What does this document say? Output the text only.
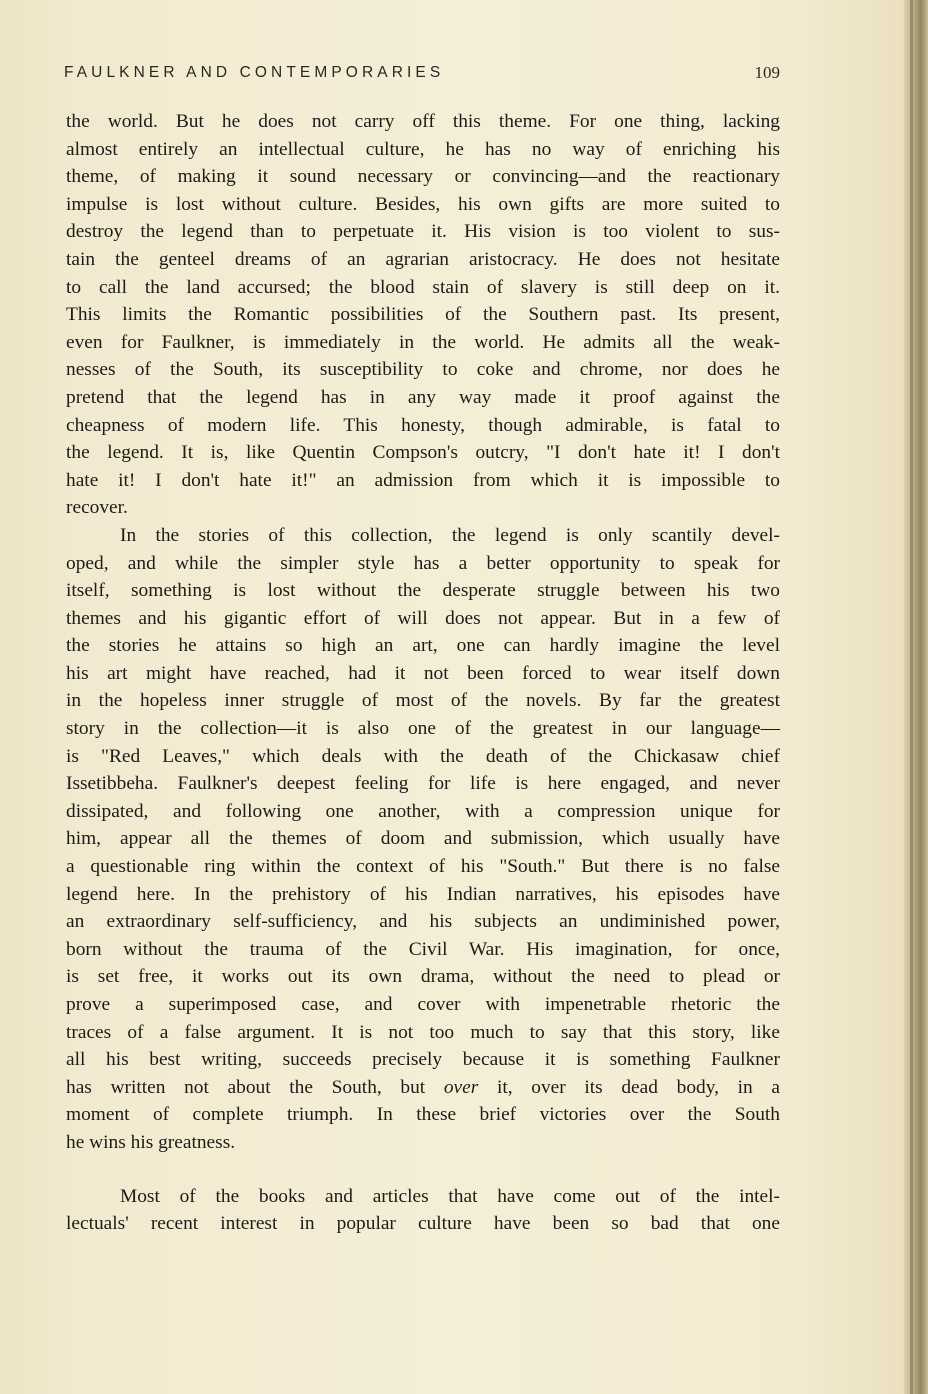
FAULKNER AND CONTEMPORARIES	109
the world. But he does not carry off this theme. For one thing, lacking
almost entirely an intellectual culture, he has no way of enriching his
theme, of making it sound necessary or convincing—and the reactionary
impulse is lost without culture. Besides, his own gifts are more suited to
destroy the legend than to perpetuate it. His vision is too violent to sus-
tain the genteel dreams of an agrarian aristocracy. He does not hesitate
to call the land accursed; the blood stain of slavery is still deep on it.
This limits the Romantic possibilities of the Southern past. Its present,
even for Faulkner, is immediately in the world. He admits all the weak-
nesses of the South, its susceptibility to coke and chrome, nor does he
pretend that the legend has in any way made it proof against the
cheapness of modern life. This honesty, though admirable, is fatal to
the legend. It is, like Quentin Compson's outcry, "I don't hate it! I don't
hate it! I don't hate it!" an admission from which it is impossible to
recover.
In the stories of this collection, the legend is only scantily devel-
oped, and while the simpler style has a better opportunity to speak for
itself, something is lost without the desperate struggle between his two
themes and his gigantic effort of will does not appear. But in a few of
the stories he attains so high an art, one can hardly imagine the level
his art might have reached, had it not been forced to wear itself down
in the hopeless inner struggle of most of the novels. By far the greatest
story in the collection—it is also one of the greatest in our language—
is "Red Leaves," which deals with the death of the Chickasaw chief
Issetibbeha. Faulkner's deepest feeling for life is here engaged, and never
dissipated, and following one another, with a compression unique for
him, appear all the themes of doom and submission, which usually have
a questionable ring within the context of his "South." But there is no false
legend here. In the prehistory of his Indian narratives, his episodes have
an extraordinary self-sufficiency, and his subjects an undiminished power,
born without the trauma of the Civil War. His imagination, for once,
is set free, it works out its own drama, without the need to plead or
prove a superimposed case, and cover with impenetrable rhetoric the
traces of a false argument. It is not too much to say that this story, like
all his best writing, succeeds precisely because it is something Faulkner
has written not about the South, but over it, over its dead body, in a
moment of complete triumph. In these brief victories over the South
he wins his greatness.
Most of the books and articles that have come out of the intel-
lectuals' recent interest in popular culture have been so bad that one
